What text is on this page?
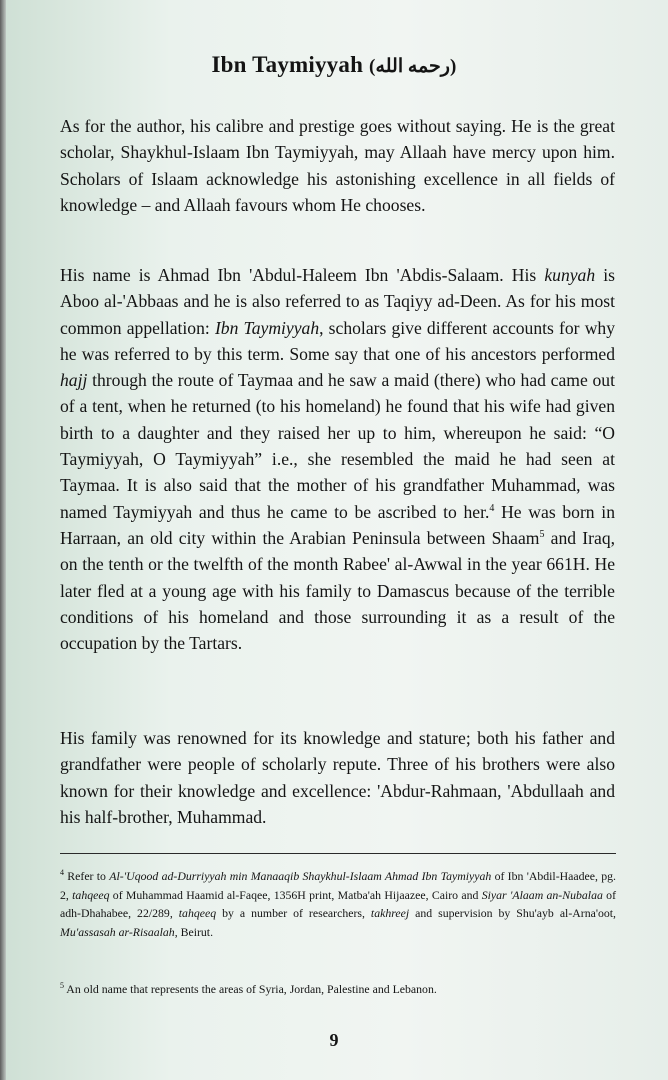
Ibn Taymiyyah (رحمه الله)

As for the author, his calibre and prestige goes without saying. He is the great scholar, Shaykhul-Islaam Ibn Taymiyyah, may Allaah have mercy upon him. Scholars of Islaam acknowledge his astonishing excellence in all fields of knowledge – and Allaah favours whom He chooses.

His name is Ahmad Ibn 'Abdul-Haleem Ibn 'Abdis-Salaam. His kunyah is Aboo al-'Abbaas and he is also referred to as Taqiyy ad-Deen. As for his most common appellation: Ibn Taymiyyah, scholars give different accounts for why he was referred to by this term. Some say that one of his ancestors performed hajj through the route of Taymaa and he saw a maid (there) who had came out of a tent, when he returned (to his homeland) he found that his wife had given birth to a daughter and they raised her up to him, whereupon he said: “O Taymiyyah, O Taymiyyah” i.e., she resembled the maid he had seen at Taymaa. It is also said that the mother of his grandfather Muhammad, was named Taymiyyah and thus he came to be ascribed to her.$^4$ He was born in Harraan, an old city within the Arabian Peninsula between Shaam$^5$ and Iraq, on the tenth or the twelfth of the month Rabee' al-Awwal in the year 661H. He later fled at a young age with his family to Damascus because of the terrible conditions of his homeland and those surrounding it as a result of the occupation by the Tartars.

His family was renowned for its knowledge and stature; both his father and grandfather were people of scholarly repute. Three of his brothers were also known for their knowledge and excellence: 'Abdur-Rahmaan, 'Abdullaah and his half-brother, Muhammad.

$^4$ Refer to Al-'Uqood ad-Durriyyah min Manaaqib Shaykhul-Islaam Ahmad Ibn Taymiyyah of Ibn 'Abdil-Haadee, pg. 2, tahqeeq of Muhammad Haamid al-Faqee, 1356H print, Matba'ah Hijaazee, Cairo and Siyar 'Alaam an-Nubalaa of adh-Dhahabee, 22/289, tahqeeq by a number of researchers, takhreej and supervision by Shu'ayb al-Arna'oot, Mu'assasah ar-Risaalah, Beirut.

$^5$ An old name that represents the areas of Syria, Jordan, Palestine and Lebanon.

9
